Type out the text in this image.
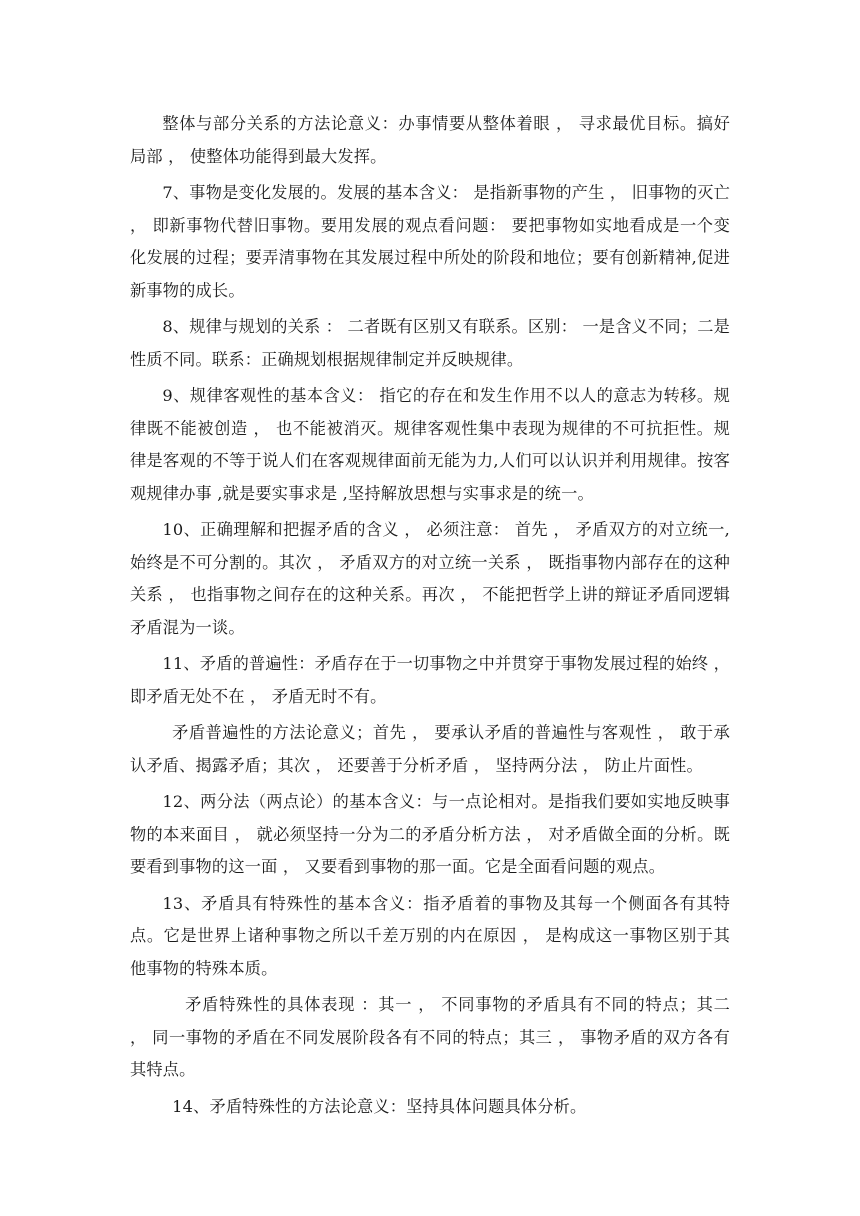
整体与部分关系的方法论意义：办事情要从整体着眼 ， 寻求最优目标。搞好局部 ， 使整体功能得到最大发挥。

7、事物是变化发展的。发展的基本含义： 是指新事物的产生 ， 旧事物的灭亡 ， 即新事物代替旧事物。要用发展的观点看问题： 要把事物如实地看成是一个变化发展的过程；要弄清事物在其发展过程中所处的阶段和地位；要有创新精神,促进新事物的成长。

8、规律与规划的关系 ： 二者既有区别又有联系。区别： 一是含义不同；二是性质不同。联系：正确规划根据规律制定并反映规律。

9、规律客观性的基本含义： 指它的存在和发生作用不以人的意志为转移。规律既不能被创造 ， 也不能被消灭。规律客观性集中表现为规律的不可抗拒性。规律是客观的不等于说人们在客观规律面前无能为力,人们可以认识并利用规律。按客观规律办事 ,就是要实事求是 ,坚持解放思想与实事求是的统一。

10、正确理解和把握矛盾的含义 ， 必须注意： 首先 ， 矛盾双方的对立统一,始终是不可分割的。其次 ， 矛盾双方的对立统一关系 ， 既指事物内部存在的这种关系 ， 也指事物之间存在的这种关系。再次 ， 不能把哲学上讲的辩证矛盾同逻辑矛盾混为一谈。

11、矛盾的普遍性：矛盾存在于一切事物之中并贯穿于事物发展过程的始终 ， 即矛盾无处不在 ， 矛盾无时不有。

矛盾普遍性的方法论意义；首先 ， 要承认矛盾的普遍性与客观性 ， 敢于承认矛盾、揭露矛盾；其次 ， 还要善于分析矛盾 ， 坚持两分法 ， 防止片面性。

12、两分法（两点论）的基本含义：与一点论相对。是指我们要如实地反映事物的本来面目 ， 就必须坚持一分为二的矛盾分析方法 ， 对矛盾做全面的分析。既要看到事物的这一面 ， 又要看到事物的那一面。它是全面看问题的观点。

13、矛盾具有特殊性的基本含义：指矛盾着的事物及其每一个侧面各有其特点。它是世界上诸种事物之所以千差万别的内在原因 ， 是构成这一事物区别于其他事物的特殊本质。

矛盾特殊性的具体表现 ：其一 ， 不同事物的矛盾具有不同的特点；其二 ， 同一事物的矛盾在不同发展阶段各有不同的特点；其三 ， 事物矛盾的双方各有其特点。

14、矛盾特殊性的方法论意义：坚持具体问题具体分析。
